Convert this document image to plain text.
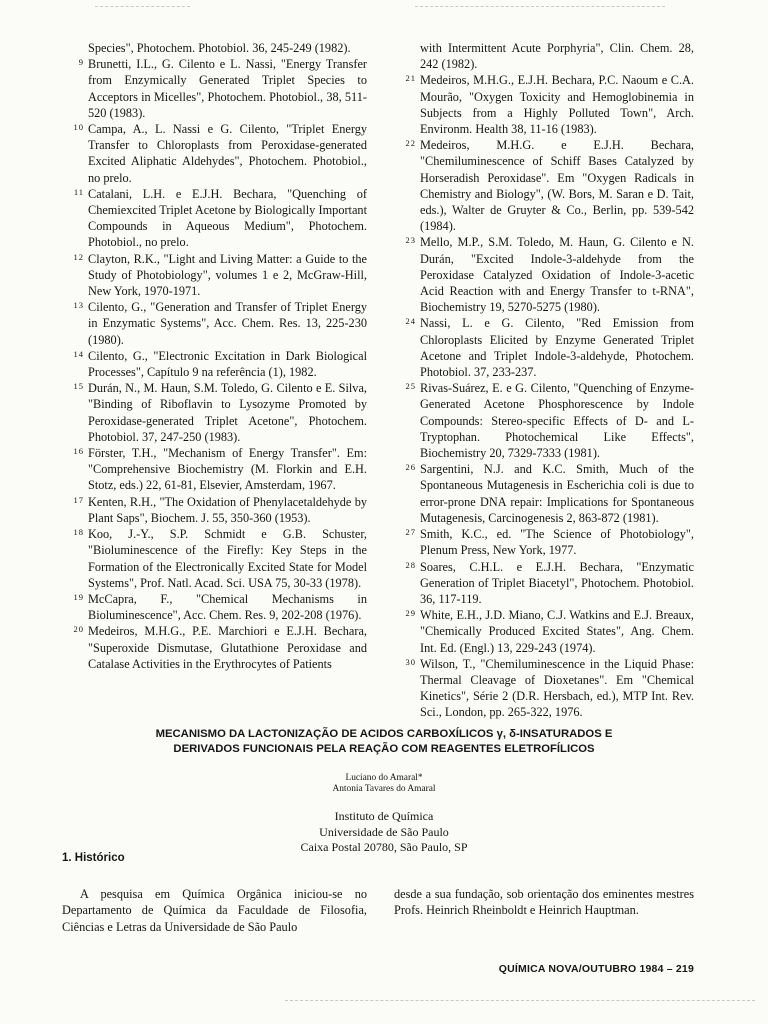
Species", Photochem. Photobiol. 36, 245-249 (1982).

9 Brunetti, I.L., G. Cilento e L. Nassi, "Energy Transfer from Enzymically Generated Triplet Species to Acceptors in Micelles", Photochem. Photobiol., 38, 511-520 (1983).

10 Campa, A., L. Nassi e G. Cilento, "Triplet Energy Transfer to Chloroplasts from Peroxidase-generated Excited Aliphatic Aldehydes", Photochem. Photobiol., no prelo.

11 Catalani, L.H. e E.J.H. Bechara, "Quenching of Chemiexcited Triplet Acetone by Biologically Important Compounds in Aqueous Medium", Photochem. Photobiol., no prelo.

12 Clayton, R.K., "Light and Living Matter: a Guide to the Study of Photobiology", volumes 1 e 2, McGraw-Hill, New York, 1970-1971.

13 Cilento, G., "Generation and Transfer of Triplet Energy in Enzymatic Systems", Acc. Chem. Res. 13, 225-230 (1980).

14 Cilento, G., "Electronic Excitation in Dark Biological Processes", Capítulo 9 na referência (1), 1982.

15 Durán, N., M. Haun, S.M. Toledo, G. Cilento e E. Silva, "Binding of Riboflavin to Lysozyme Promoted by Peroxidase-generated Triplet Acetone", Photochem. Photobiol. 37, 247-250 (1983).

16 Förster, T.H., "Mechanism of Energy Transfer". Em: "Comprehensive Biochemistry (M. Florkin and E.H. Stotz, eds.) 22, 61-81, Elsevier, Amsterdam, 1967.

17 Kenten, R.H., "The Oxidation of Phenylacetaldehyde by Plant Saps", Biochem. J. 55, 350-360 (1953).

18 Koo, J.-Y., S.P. Schmidt e G.B. Schuster, "Bioluminescence of the Firefly: Key Steps in the Formation of the Electronically Excited State for Model Systems", Prof. Natl. Acad. Sci. USA 75, 30-33 (1978).

19 McCapra, F., "Chemical Mechanisms in Bioluminescence", Acc. Chem. Res. 9, 202-208 (1976).

20 Medeiros, M.H.G., P.E. Marchiori e E.J.H. Bechara, "Superoxide Dismutase, Glutathione Peroxidase and Catalase Activities in the Erythrocytes of Patients

with Intermittent Acute Porphyria", Clin. Chem. 28, 242 (1982).

21 Medeiros, M.H.G., E.J.H. Bechara, P.C. Naoum e C.A. Mourão, "Oxygen Toxicity and Hemoglobinemia in Subjects from a Highly Polluted Town", Arch. Environm. Health 38, 11-16 (1983).

22 Medeiros, M.H.G. e E.J.H. Bechara, "Chemiluminescence of Schiff Bases Catalyzed by Horseradish Peroxidase". Em "Oxygen Radicals in Chemistry and Biology", (W. Bors, M. Saran e D. Tait, eds.), Walter de Gruyter & Co., Berlin, pp. 539-542 (1984).

23 Mello, M.P., S.M. Toledo, M. Haun, G. Cilento e N. Durán, "Excited Indole-3-aldehyde from the Peroxidase Catalyzed Oxidation of Indole-3-acetic Acid Reaction with and Energy Transfer to t-RNA", Biochemistry 19, 5270-5275 (1980).

24 Nassi, L. e G. Cilento, "Red Emission from Chloroplasts Elicited by Enzyme Generated Triplet Acetone and Triplet Indole-3-aldehyde, Photochem. Photobiol. 37, 233-237.

25 Rivas-Suárez, E. e G. Cilento, "Quenching of Enzyme-Generated Acetone Phosphorescence by Indole Compounds: Stereo-specific Effects of D- and L-Tryptophan. Photochemical Like Effects", Biochemistry 20, 7329-7333 (1981).

26 Sargentini, N.J. and K.C. Smith, Much of the Spontaneous Mutagenesis in Escherichia coli is due to error-prone DNA repair: Implications for Spontaneous Mutagenesis, Carcinogenesis 2, 863-872 (1981).

27 Smith, K.C., ed. "The Science of Photobiology", Plenum Press, New York, 1977.

28 Soares, C.H.L. e E.J.H. Bechara, "Enzymatic Generation of Triplet Biacetyl", Photochem. Photobiol. 36, 117-119.

29 White, E.H., J.D. Miano, C.J. Watkins and E.J. Breaux, "Chemically Produced Excited States", Ang. Chem. Int. Ed. (Engl.) 13, 229-243 (1974).

30 Wilson, T., "Chemiluminescence in the Liquid Phase: Thermal Cleavage of Dioxetanes". Em "Chemical Kinetics", Série 2 (D.R. Hersbach, ed.), MTP Int. Rev. Sci., London, pp. 265-322, 1976.

MECANISMO DA LACTONIZAÇÃO DE ACIDOS CARBOXÍLICOS γ, δ-INSATURADOS E
DERIVADOS FUNCIONAIS PELA REAÇÃO COM REAGENTES ELETROFÍLICOS
Luciano do Amaral*
Antonia Tavares do Amaral
Instituto de Química
Universidade de São Paulo
Caixa Postal 20780, São Paulo, SP
1. Histórico
A pesquisa em Química Orgânica iniciou-se no Departamento de Química da Faculdade de Filosofia, Ciências e Letras da Universidade de São Paulo
desde a sua fundação, sob orientação dos eminentes mestres Profs. Heinrich Rheinboldt e Heinrich Hauptman.
QUÍMICA NOVA/OUTUBRO 1984 – 219
